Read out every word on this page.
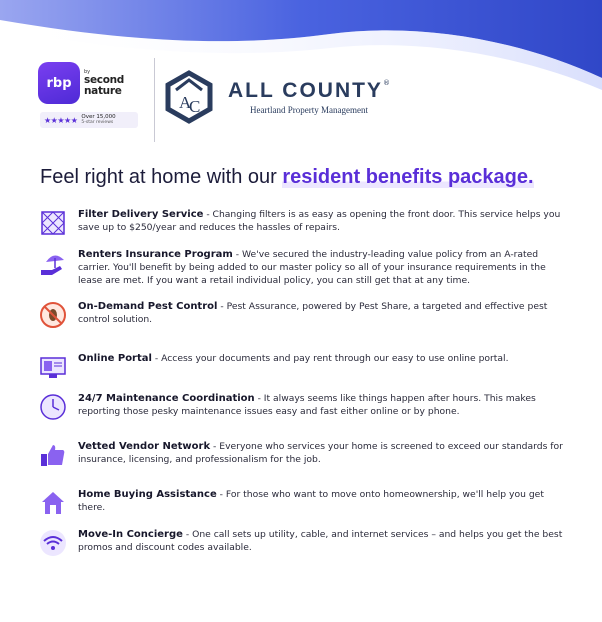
rbp
by
second
nature
★★★★★ Over 15,000
5-star reviews
A
C
ALL COUNTY®
Heartland Property Management
Feel right at home with our resident benefits package.
Filter Delivery Service - Changing filters is as easy as opening the front door. This service helps you save up to $250/year and reduces the hassles of repairs.
Renters Insurance Program - We've secured the industry-leading value policy from an A-rated carrier. You'll benefit by being added to our master policy so all of your insurance requirements in the lease are met. If you want a retail individual policy, you can still get that at any time.
On-Demand Pest Control - Pest Assurance, powered by Pest Share, a targeted and effective pest control solution.
Online Portal - Access your documents and pay rent through our easy to use online portal.
24/7 Maintenance Coordination - It always seems like things happen after hours. This makes reporting those pesky maintenance issues easy and fast either online or by phone.
Vetted Vendor Network - Everyone who services your home is screened to exceed our standards for insurance, licensing, and professionalism for the job.
Home Buying Assistance - For those who want to move onto homeownership, we'll help you get there.
Move-In Concierge - One call sets up utility, cable, and internet services – and helps you get the best promos and discount codes available.
